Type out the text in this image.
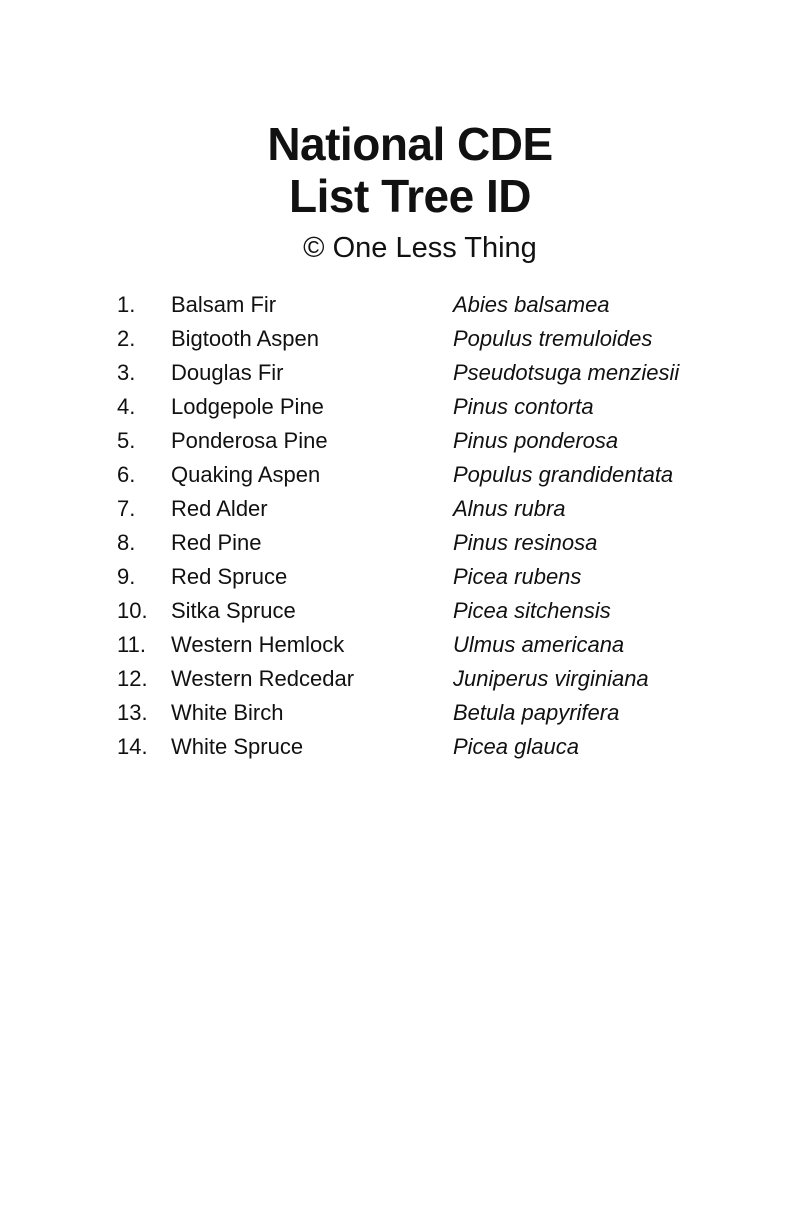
National CDE
List Tree ID
© One Less Thing
1. Balsam Fir	Abies balsamea
2. Bigtooth Aspen	Populus tremuloides
3. Douglas Fir	Pseudotsuga menziesii
4. Lodgepole Pine	Pinus contorta
5. Ponderosa Pine	Pinus ponderosa
6. Quaking Aspen	Populus grandidentata
7. Red Alder	Alnus rubra
8. Red Pine	Pinus resinosa
9. Red Spruce	Picea rubens
10. Sitka Spruce	Picea sitchensis
11. Western Hemlock	Ulmus americana
12. Western Redcedar	Juniperus virginiana
13. White Birch	Betula papyrifera
14. White Spruce	Picea glauca
